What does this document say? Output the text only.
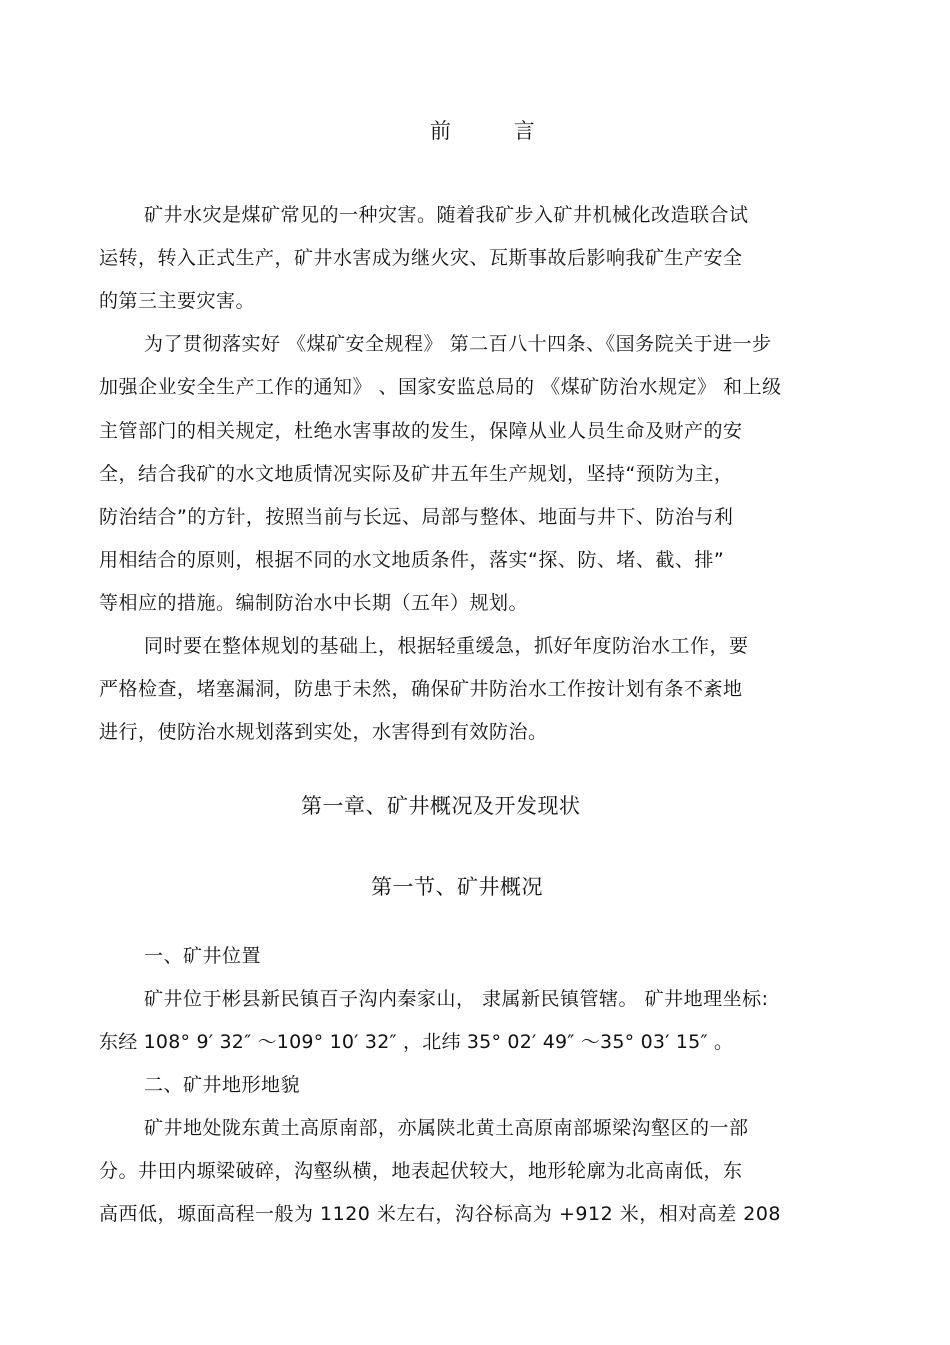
前 言
矿井水灾是煤矿常见的一种灾害。随着我矿步入矿井机械化改造联合试
运转，转入正式生产，矿井水害成为继火灾、瓦斯事故后影响我矿生产安全
的第三主要灾害。
为了贯彻落实好 《煤矿安全规程》 第二百八十四条、《国务院关于进一步
加强企业安全生产工作的通知》 、国家安监总局的 《煤矿防治水规定》 和上级
主管部门的相关规定，杜绝水害事故的发生，保障从业人员生命及财产的安
全，结合我矿的水文地质情况实际及矿井五年生产规划，坚持“预防为主，
防治结合”的方针，按照当前与长远、局部与整体、地面与井下、防治与利
用相结合的原则，根据不同的水文地质条件，落实“探、防、堵、截、排”
等相应的措施。编制防治水中长期（五年）规划。
同时要在整体规划的基础上，根据轻重缓急，抓好年度防治水工作，要
严格检查，堵塞漏洞，防患于未然，确保矿井防治水工作按计划有条不紊地
进行，使防治水规划落到实处，水害得到有效防治。
第一章、矿井概况及开发现状
第一节、矿井概况
一、矿井位置
矿井位于彬县新民镇百子沟内秦家山， 隶属新民镇管辖。 矿井地理坐标:
东经 108° 9′ 32″ ～109° 10′ 32″ ，北纬 35° 02′ 49″ ～35° 03′ 15″ 。
二、矿井地形地貌
矿井地处陇东黄土高原南部，亦属陕北黄土高原南部塬梁沟壑区的一部
分。井田内塬梁破碎，沟壑纵横，地表起伏较大，地形轮廓为北高南低，东
高西低，塬面高程一般为 1120 米左右，沟谷标高为 +912 米，相对高差 208
